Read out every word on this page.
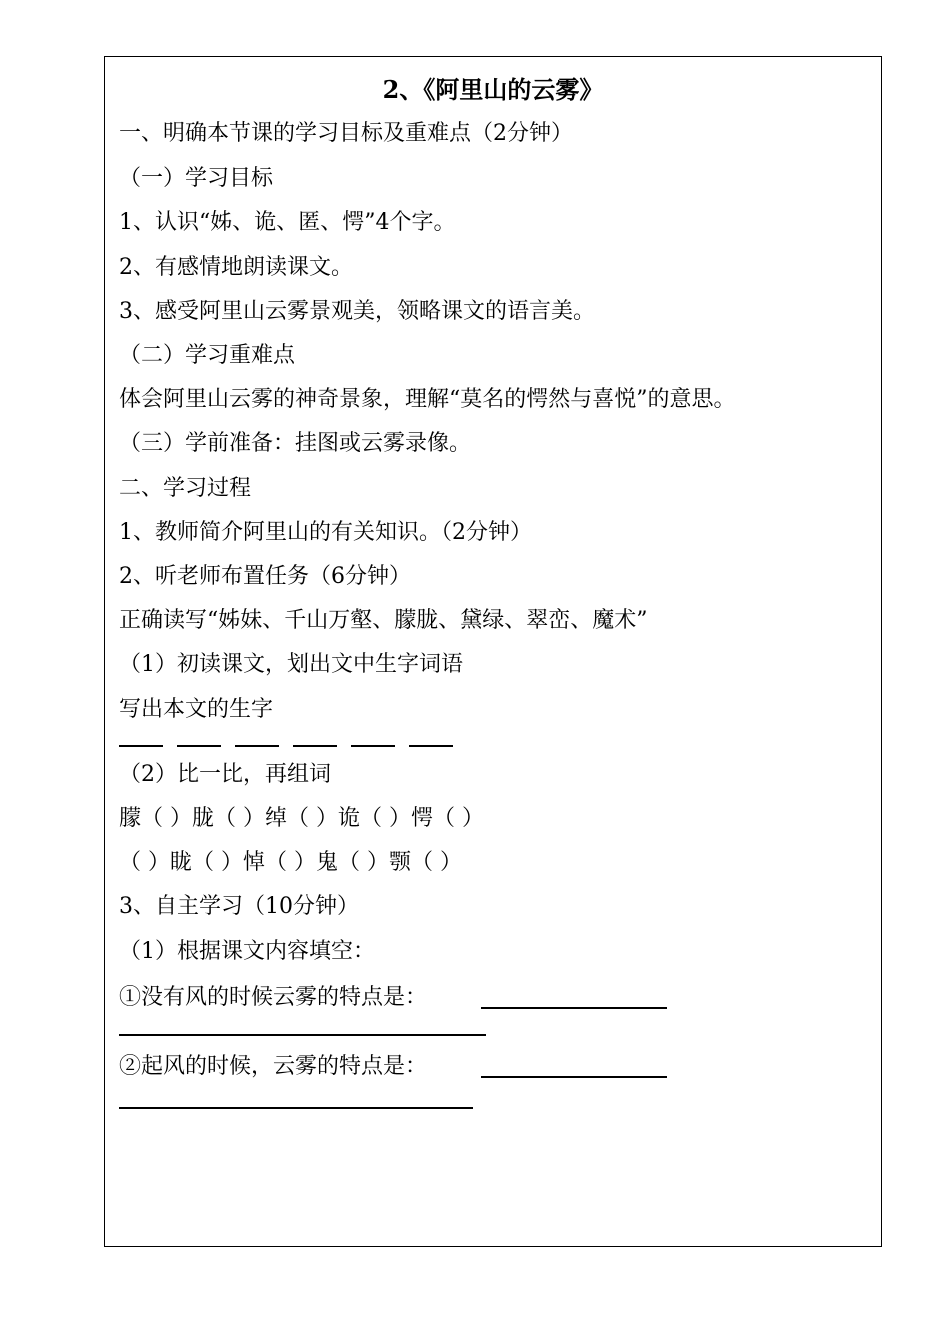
2、《阿里山的云雾》
一、明确本节课的学习目标及重难点（2分钟）
（一）学习目标
1、认识“姊、诡、匿、愕”4个字。
2、有感情地朗读课文。
3、感受阿里山云雾景观美，领略课文的语言美。
（二）学习重难点
体会阿里山云雾的神奇景象，理解“莫名的愕然与喜悦”的意思。
（三）学前准备：挂图或云雾录像。
二、学习过程
1、教师简介阿里山的有关知识。（2分钟）
2、听老师布置任务（6分钟）
正确读写“姊妹、千山万壑、朦胧、黛绿、翠峦、魔术”
（1）初读课文，划出文中生字词语
写出本文的生字
（2）比一比，再组词
朦（ ）胧（ ）绰（ ）诡（ ）愕（ ）
（ ）眬（ ）悼（ ）鬼（ ）颚（ ）
3、自主学习（10分钟）
（1）根据课文内容填空：
①没有风的时候云雾的特点是：
②起风的时候，云雾的特点是：
